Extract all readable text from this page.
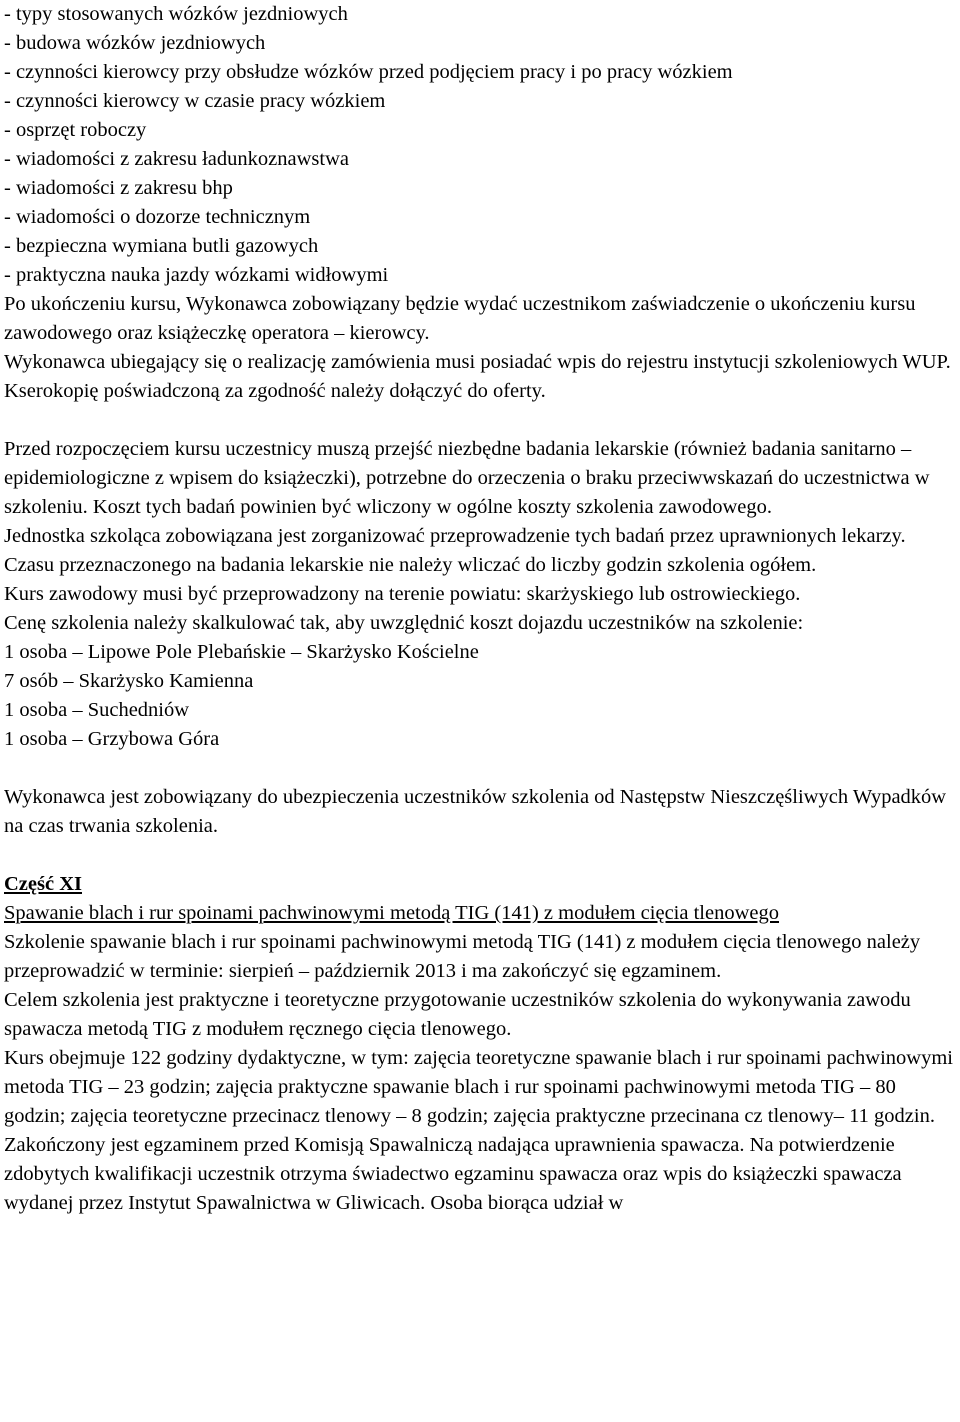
- typy stosowanych wózków jezdniowych

- budowa wózków jezdniowych

- czynności kierowcy przy obsłudze wózków przed podjęciem pracy i po pracy wózkiem

- czynności kierowcy w czasie pracy wózkiem

- osprzęt roboczy

- wiadomości z zakresu ładunkoznawstwa

- wiadomości z zakresu bhp

- wiadomości o dozorze technicznym

- bezpieczna wymiana butli gazowych

- praktyczna nauka jazdy wózkami widłowymi

Po ukończeniu kursu, Wykonawca zobowiązany będzie wydać uczestnikom zaświadczenie o ukończeniu kursu zawodowego oraz książeczkę operatora – kierowcy.

Wykonawca ubiegający się o realizację zamówienia musi posiadać wpis do rejestru instytucji szkoleniowych WUP. Kserokopię poświadczoną za zgodność należy dołączyć do oferty.

Przed rozpoczęciem kursu uczestnicy muszą przejść niezbędne badania lekarskie (również badania sanitarno –epidemiologiczne z wpisem do książeczki), potrzebne do orzeczenia o braku przeciwwskazań do uczestnictwa w szkoleniu. Koszt tych badań powinien być wliczony w ogólne koszty szkolenia zawodowego.

Jednostka szkoląca zobowiązana jest zorganizować przeprowadzenie tych badań przez uprawnionych lekarzy. Czasu przeznaczonego na badania lekarskie nie należy wliczać do liczby godzin szkolenia ogółem.

Kurs zawodowy musi być przeprowadzony na terenie powiatu: skarżyskiego lub ostrowieckiego.

Cenę szkolenia należy skalkulować tak, aby uwzględnić koszt dojazdu uczestników na szkolenie:

1 osoba – Lipowe Pole Plebańskie – Skarżysko Kościelne

7 osób – Skarżysko Kamienna

1 osoba – Suchedniów

1 osoba – Grzybowa Góra

Wykonawca jest zobowiązany do ubezpieczenia uczestników szkolenia od Następstw Nieszczęśliwych Wypadków na czas trwania szkolenia.

Część XI

Spawanie blach i rur spoinami pachwinowymi metodą TIG (141) z modułem cięcia tlenowego

Szkolenie spawanie blach i rur spoinami pachwinowymi metodą TIG (141) z modułem cięcia tlenowego należy przeprowadzić w terminie: sierpień – październik 2013 i ma zakończyć się egzaminem.

Celem szkolenia jest praktyczne i teoretyczne przygotowanie uczestników szkolenia do wykonywania zawodu spawacza metodą TIG z modułem ręcznego cięcia tlenowego.

Kurs obejmuje 122 godziny dydaktyczne, w tym: zajęcia teoretyczne spawanie blach i rur spoinami pachwinowymi metoda TIG – 23 godzin; zajęcia praktyczne spawanie blach i rur spoinami pachwinowymi metoda TIG – 80 godzin; zajęcia teoretyczne przecinacz tlenowy – 8 godzin; zajęcia praktyczne przecinana cz tlenowy– 11 godzin. Zakończony jest egzaminem przed Komisją Spawalniczą nadająca uprawnienia spawacza. Na potwierdzenie zdobytych kwalifikacji uczestnik otrzyma świadectwo egzaminu spawacza oraz wpis do książeczki spawacza wydanej przez Instytut Spawalnictwa w Gliwicach. Osoba biorąca udział w
